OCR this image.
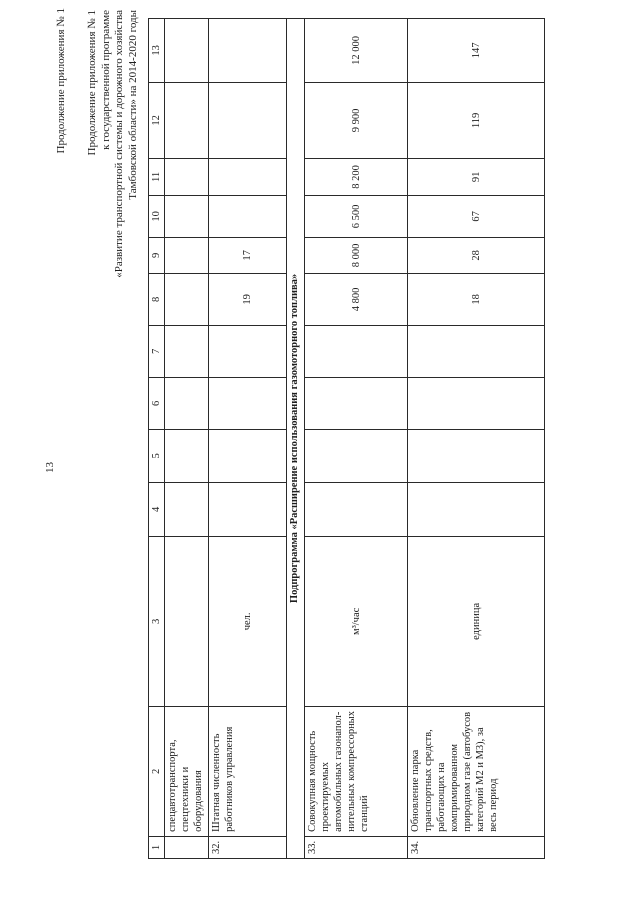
13
Продолжение приложения № 1 Продолжение приложения № 1 к государственной программе «Развитие транспортной системы и дорожного хозяйства Тамбовской области» на 2014-2020 годы
1	2	3	4	5	6	7	8	9	10	11	12	13
	спецавтотранспорта, спецтехники и оборудования											
32.	Штатная численность работников управления	чел.					19	17				
Подпрограмма «Расширение использования газомоторного топлива»												
33.	Совокупная мощность проектируемых автомобильных газонапол-нительных компрессорных станций	м³/час					4 800	8 000	6 500	8 200	9 900	12 000
34.	Обновление парка транспортных средств, работающих на компримированном природном газе (автобусов категорий М2 и М3), за весь период	единица					18	28	67	91	119	147
